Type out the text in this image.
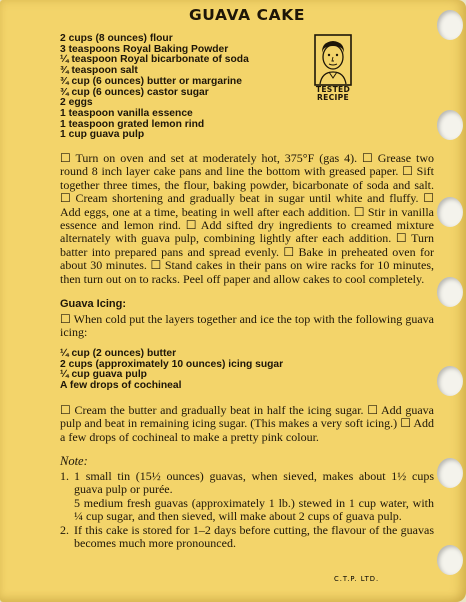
GUAVA CAKE
2 cups (8 ounces) flour
3 teaspoons Royal Baking Powder
¼ teaspoon Royal bicarbonate of soda
¾ teaspoon salt
¾ cup (6 ounces) butter or margarine
¾ cup (6 ounces) castor sugar
2 eggs
1 teaspoon vanilla essence
1 teaspoon grated lemon rind
1 cup guava pulp
TESTED
RECIPE

☐ Turn on oven and set at moderately hot, 375°F (gas 4). ☐ Grease two round 8 inch layer cake pans and line the bottom with greased paper. ☐ Sift together three times, the flour, baking powder, bicarbonate of soda and salt. ☐ Cream shortening and gradually beat in sugar until white and fluffy. ☐ Add eggs, one at a time, beating in well after each addition. ☐ Stir in vanilla essence and lemon rind. ☐ Add sifted dry ingredients to creamed mixture alternately with guava pulp, combining lightly after each addition. ☐ Turn batter into prepared pans and spread evenly. ☐ Bake in preheated oven for about 30 minutes. ☐ Stand cakes in their pans on wire racks for 10 minutes, then turn out on to racks. Peel off paper and allow cakes to cool completely.

Guava Icing:

☐ When cold put the layers together and ice the top with the following guava icing:

¼ cup (2 ounces) butter
2 cups (approximately 10 ounces) icing sugar
¼ cup guava pulp
A few drops of cochineal

☐ Cream the butter and gradually beat in half the icing sugar. ☐ Add guava pulp and beat in remaining icing sugar. (This makes a very soft icing.) ☐ Add a few drops of cochineal to make a pretty pink colour.

Note:
1. 1 small tin (15½ ounces) guavas, when sieved, makes about 1½ cups guava pulp or purée.
5 medium fresh guavas (approximately 1 lb.) stewed in 1 cup water, with ¼ cup sugar, and then sieved, will make about 2 cups of guava pulp.
2. If this cake is stored for 1–2 days before cutting, the flavour of the guavas becomes much more pronounced.
C.T.P. LTD.
